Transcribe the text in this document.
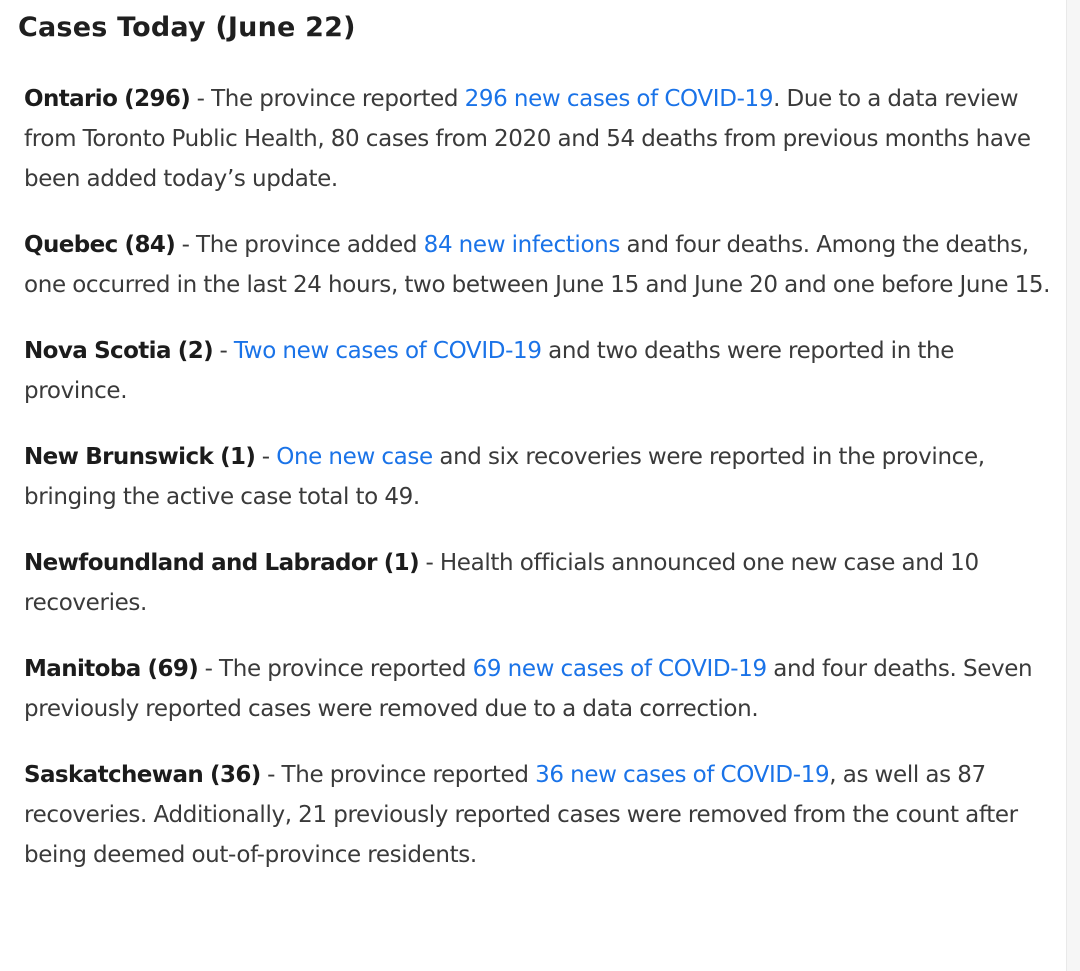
Cases Today (June 22)

Ontario (296) - The province reported 296 new cases of COVID-19. Due to a data review from Toronto Public Health, 80 cases from 2020 and 54 deaths from previous months have been added today’s update.

Quebec (84) - The province added 84 new infections and four deaths. Among the deaths, one occurred in the last 24 hours, two between June 15 and June 20 and one before June 15.

Nova Scotia (2) - Two new cases of COVID-19 and two deaths were reported in the province.

New Brunswick (1) - One new case and six recoveries were reported in the province, bringing the active case total to 49.

Newfoundland and Labrador (1) - Health officials announced one new case and 10 recoveries.

Manitoba (69) - The province reported 69 new cases of COVID-19 and four deaths. Seven previously reported cases were removed due to a data correction.

Saskatchewan (36) - The province reported 36 new cases of COVID-19, as well as 87 recoveries. Additionally, 21 previously reported cases were removed from the count after being deemed out-of-province residents.
